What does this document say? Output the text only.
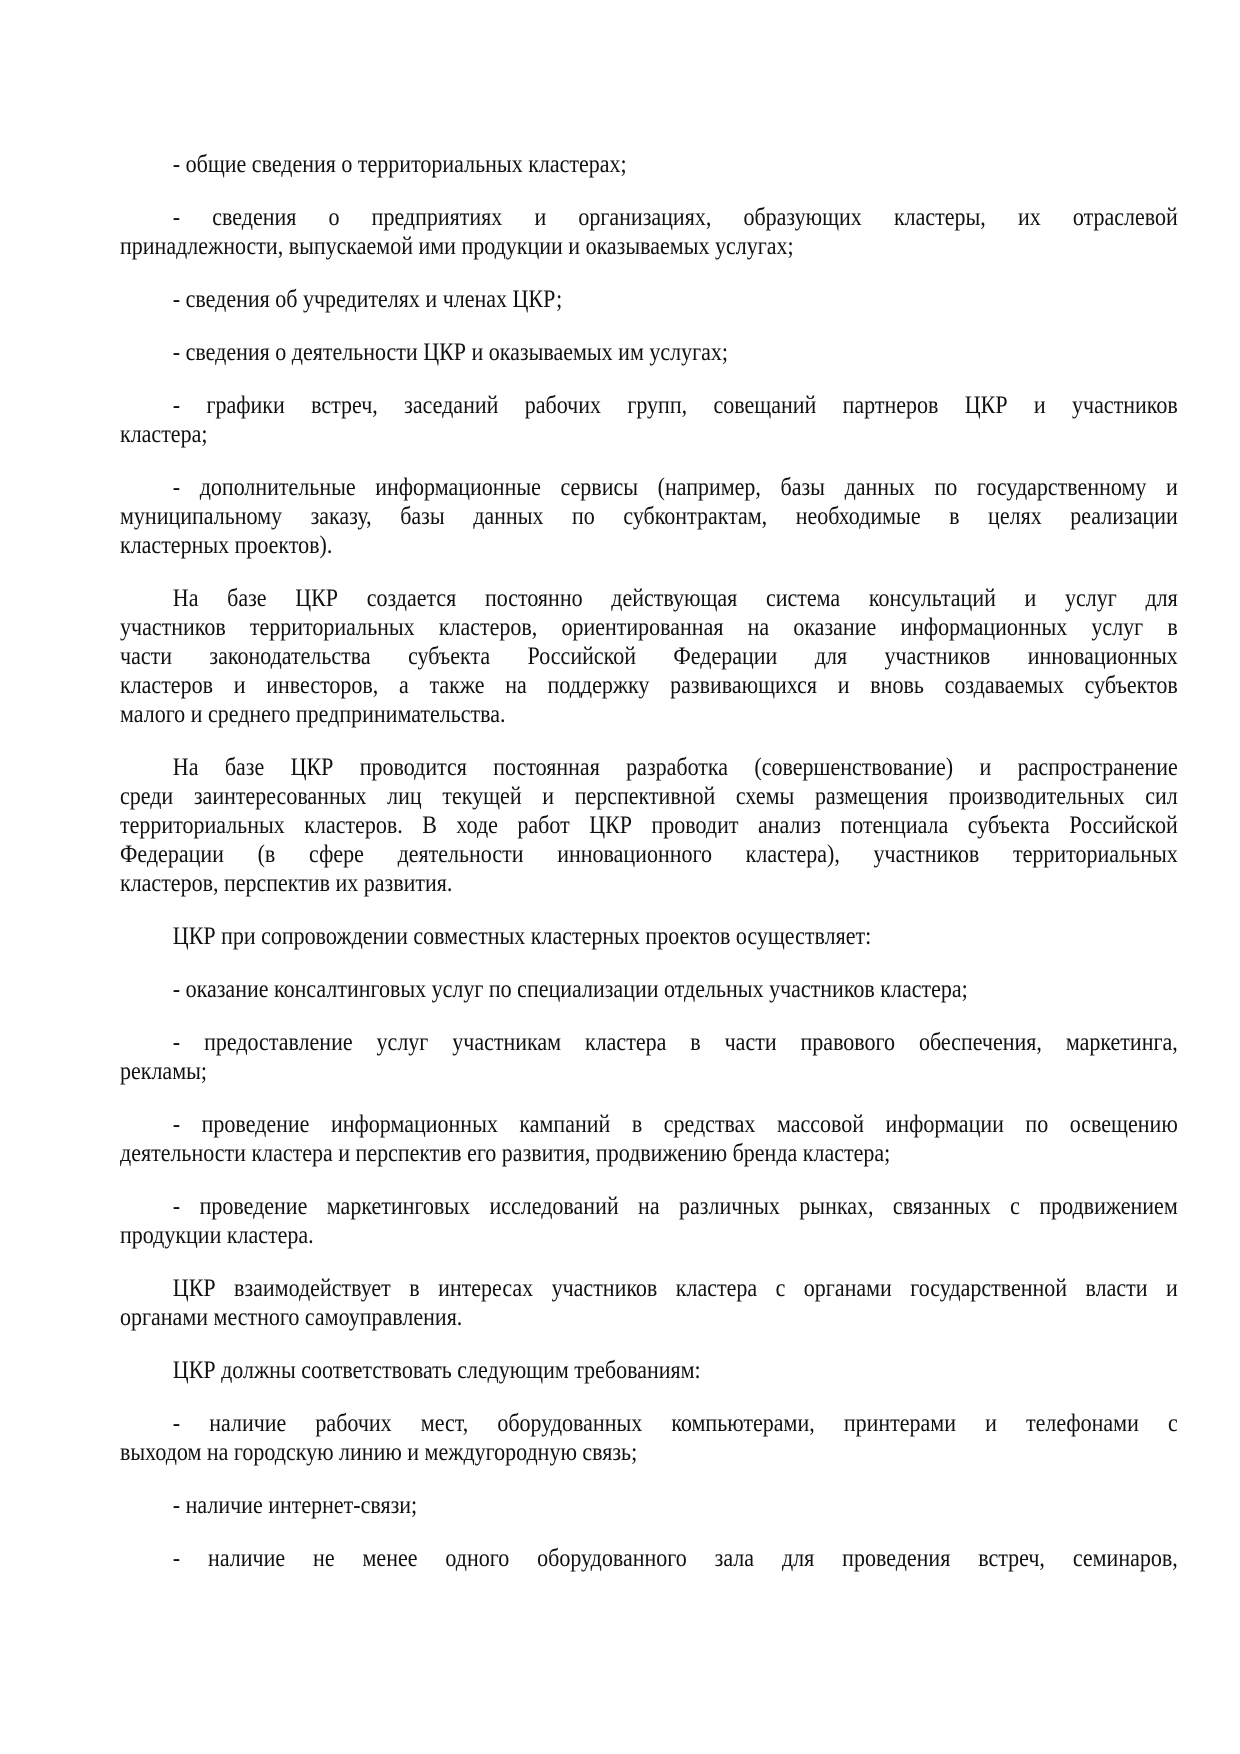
- общие сведения о территориальных кластерах;
- сведения о предприятиях и организациях, образующих кластеры, их отраслевой
принадлежности, выпускаемой ими продукции и оказываемых услугах;
- сведения об учредителях и членах ЦКР;
- сведения о деятельности ЦКР и оказываемых им услугах;
- графики встреч, заседаний рабочих групп, совещаний партнеров ЦКР и участников
кластера;
- дополнительные информационные сервисы (например, базы данных по государственному и
муниципальному заказу, базы данных по субконтрактам, необходимые в целях реализации
кластерных проектов).
На базе ЦКР создается постоянно действующая система консультаций и услуг для
участников территориальных кластеров, ориентированная на оказание информационных услуг в
части законодательства субъекта Российской Федерации для участников инновационных
кластеров и инвесторов, а также на поддержку развивающихся и вновь создаваемых субъектов
малого и среднего предпринимательства.
На базе ЦКР проводится постоянная разработка (совершенствование) и распространение
среди заинтересованных лиц текущей и перспективной схемы размещения производительных сил
территориальных кластеров. В ходе работ ЦКР проводит анализ потенциала субъекта Российской
Федерации (в сфере деятельности инновационного кластера), участников территориальных
кластеров, перспектив их развития.
ЦКР при сопровождении совместных кластерных проектов осуществляет:
- оказание консалтинговых услуг по специализации отдельных участников кластера;
- предоставление услуг участникам кластера в части правового обеспечения, маркетинга,
рекламы;
- проведение информационных кампаний в средствах массовой информации по освещению
деятельности кластера и перспектив его развития, продвижению бренда кластера;
- проведение маркетинговых исследований на различных рынках, связанных с продвижением
продукции кластера.
ЦКР взаимодействует в интересах участников кластера с органами государственной власти и
органами местного самоуправления.
ЦКР должны соответствовать следующим требованиям:
- наличие рабочих мест, оборудованных компьютерами, принтерами и телефонами с
выходом на городскую линию и междугородную связь;
- наличие интернет-связи;
- наличие не менее одного оборудованного зала для проведения встреч, семинаров,
